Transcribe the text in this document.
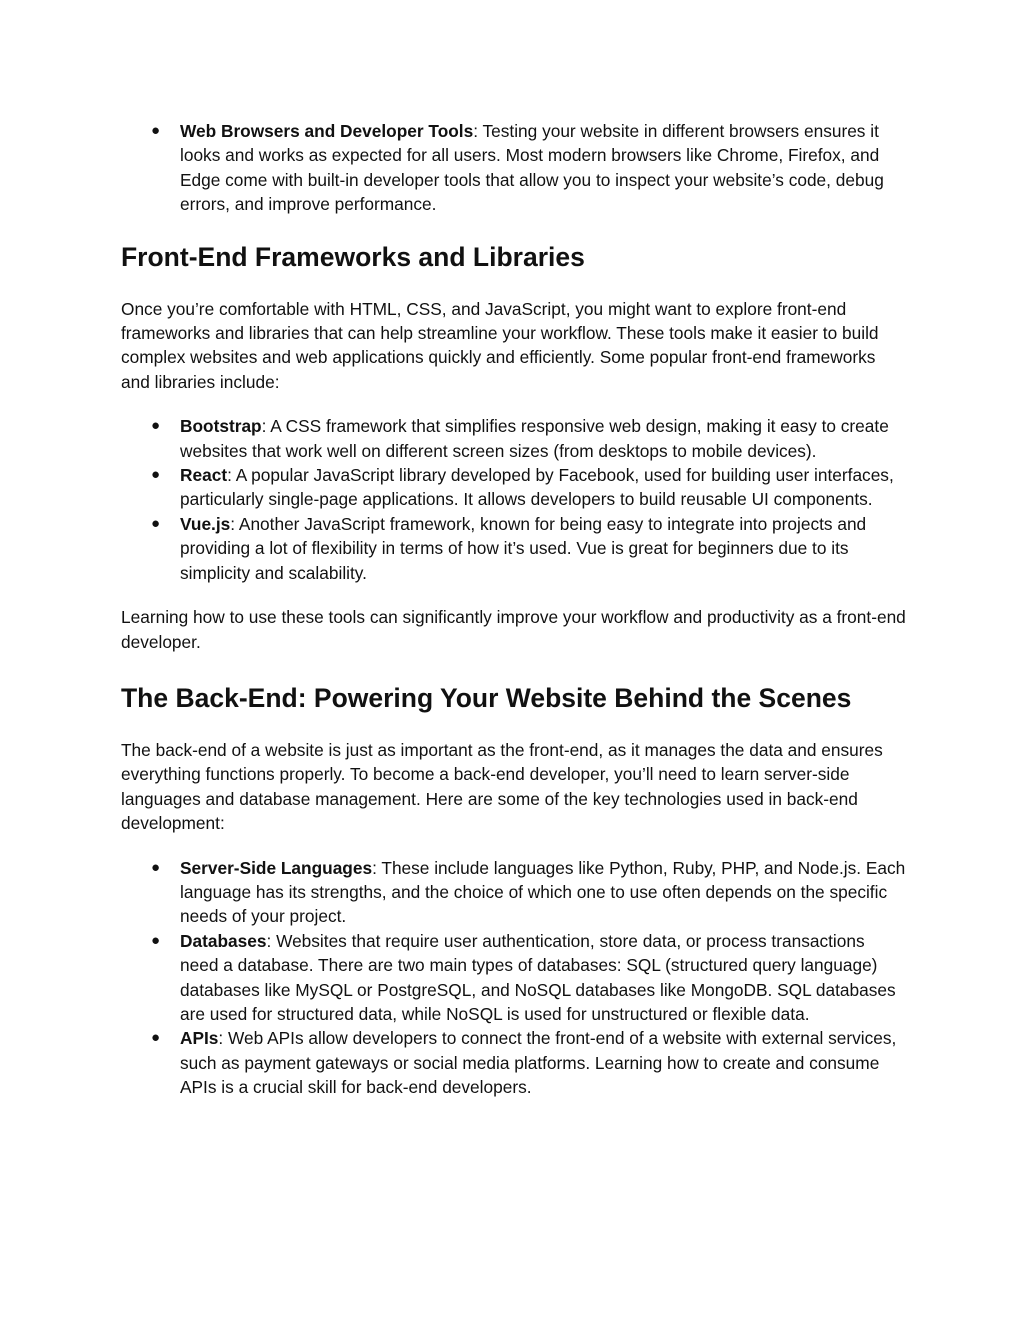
● Web Browsers and Developer Tools: Testing your website in different browsers ensures it looks and works as expected for all users. Most modern browsers like Chrome, Firefox, and Edge come with built-in developer tools that allow you to inspect your website’s code, debug errors, and improve performance.
Front-End Frameworks and Libraries

Once you’re comfortable with HTML, CSS, and JavaScript, you might want to explore front-end frameworks and libraries that can help streamline your workflow. These tools make it easier to build complex websites and web applications quickly and efficiently. Some popular front-end frameworks and libraries include:

● Bootstrap: A CSS framework that simplifies responsive web design, making it easy to create websites that work well on different screen sizes (from desktops to mobile devices).
● React: A popular JavaScript library developed by Facebook, used for building user interfaces, particularly single-page applications. It allows developers to build reusable UI components.
● Vue.js: Another JavaScript framework, known for being easy to integrate into projects and providing a lot of flexibility in terms of how it’s used. Vue is great for beginners due to its simplicity and scalability.

Learning how to use these tools can significantly improve your workflow and productivity as a front-end developer.

The Back-End: Powering Your Website Behind the Scenes

The back-end of a website is just as important as the front-end, as it manages the data and ensures everything functions properly. To become a back-end developer, you’ll need to learn server-side languages and database management. Here are some of the key technologies used in back-end development:

● Server-Side Languages: These include languages like Python, Ruby, PHP, and Node.js. Each language has its strengths, and the choice of which one to use often depends on the specific needs of your project.
● Databases: Websites that require user authentication, store data, or process transactions need a database. There are two main types of databases: SQL (structured query language) databases like MySQL or PostgreSQL, and NoSQL databases like MongoDB. SQL databases are used for structured data, while NoSQL is used for unstructured or flexible data.
● APIs: Web APIs allow developers to connect the front-end of a website with external services, such as payment gateways or social media platforms. Learning how to create and consume APIs is a crucial skill for back-end developers.
